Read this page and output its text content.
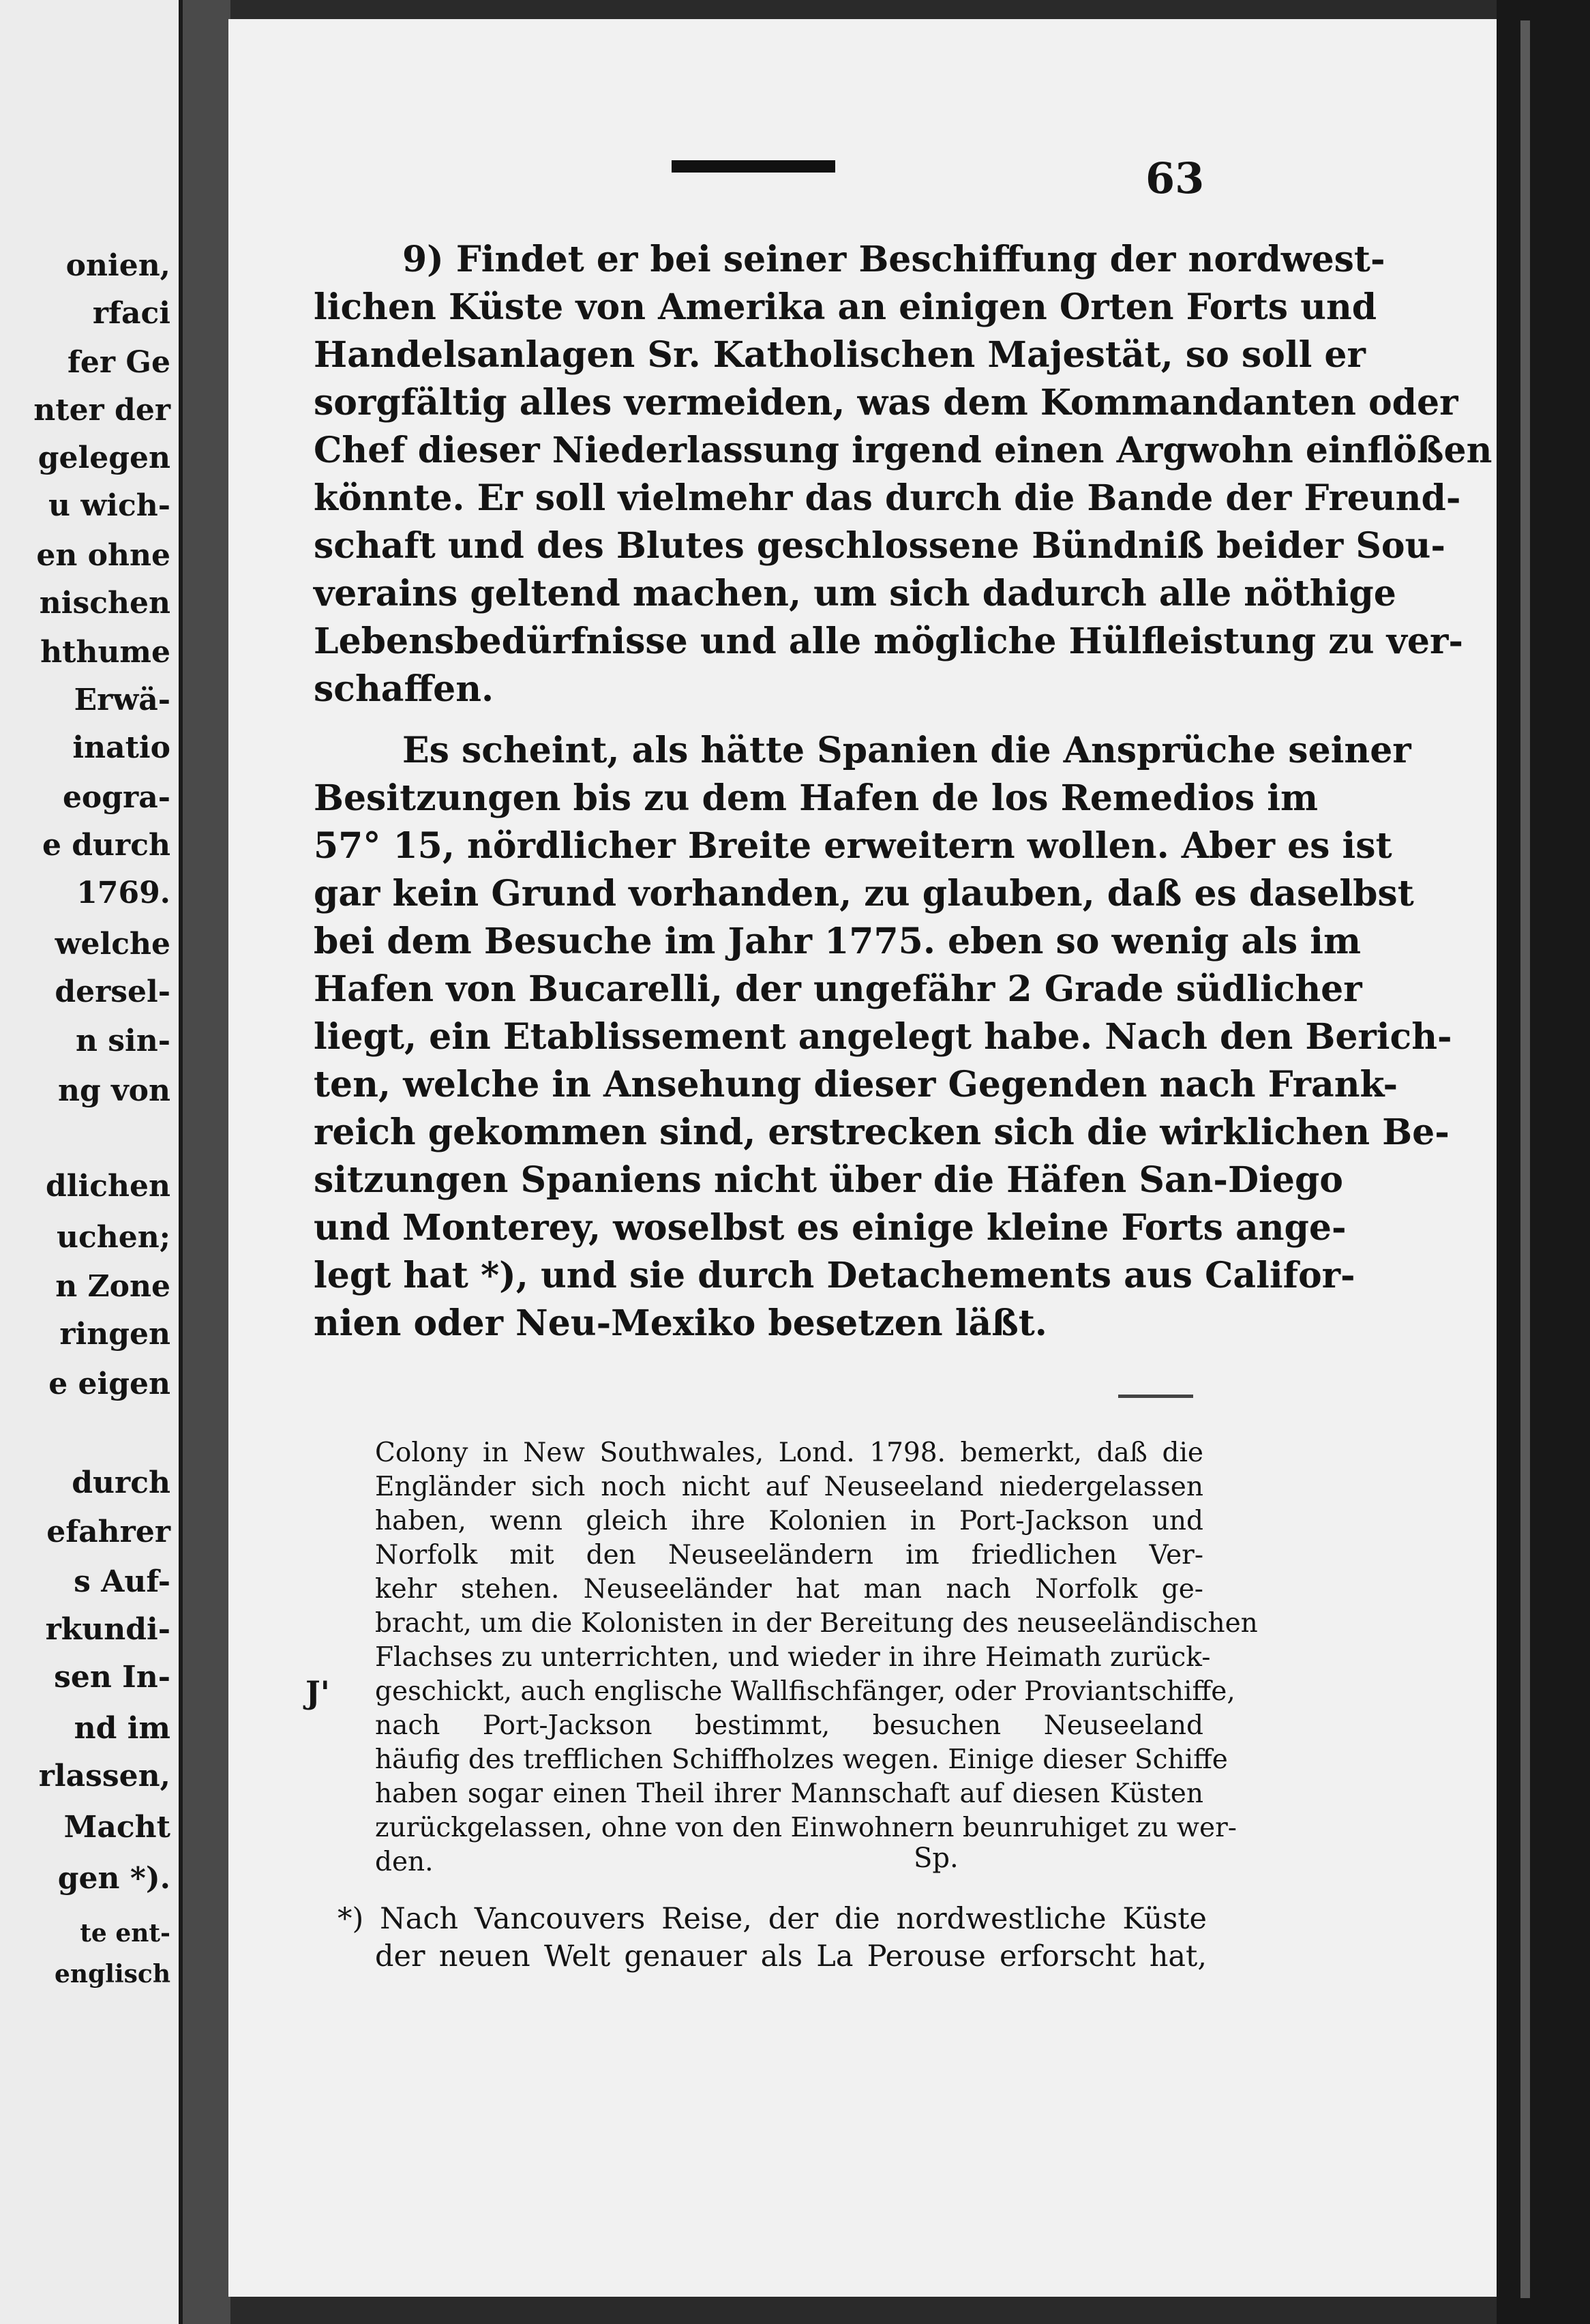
onien,
rfaci
fer Ge
nter der
gelegen
u wich-
en ohne
nischen
hthume
Erwä-
inatio
eogra-
e durch
1769.
welche
dersel-
n sin-
ng von
dlichen
uchen;
n Zone
ringen
e eigen
durch
efahrer
s Auf-
rkundi-
sen In-
nd im
rlassen,
Macht
gen *).
te ent-
englisch
63
Sp.
J'
9) Findet er bei seiner Beschiffung der nordwest-
lichen Küste von Amerika an einigen Orten Forts und
Handelsanlagen Sr. Katholischen Majestät, so soll er
sorgfältig alles vermeiden, was dem Kommandanten oder
Chef dieser Niederlassung irgend einen Argwohn einflößen
könnte. Er soll vielmehr das durch die Bande der Freund-
schaft und des Blutes geschlossene Bündniß beider Sou-
verains geltend machen, um sich dadurch alle nöthige
Lebensbedürfnisse und alle mögliche Hülfleistung zu ver-
schaffen.
Es scheint, als hätte Spanien die Ansprüche seiner
Besitzungen bis zu dem Hafen de los Remedios im
57° 15, nördlicher Breite erweitern wollen. Aber es ist
gar kein Grund vorhanden, zu glauben, daß es daselbst
bei dem Besuche im Jahr 1775. eben so wenig als im
Hafen von Bucarelli, der ungefähr 2 Grade südlicher
liegt, ein Etablissement angelegt habe. Nach den Berich-
ten, welche in Ansehung dieser Gegenden nach Frank-
reich gekommen sind, erstrecken sich die wirklichen Be-
sitzungen Spaniens nicht über die Häfen San-Diego
und Monterey, woselbst es einige kleine Forts ange-
legt hat *), und sie durch Detachements aus Califor-
nien oder Neu-Mexiko besetzen läßt.
Colony in New Southwales, Lond. 1798. bemerkt, daß die
Engländer sich noch nicht auf Neuseeland niedergelassen
haben, wenn gleich ihre Kolonien in Port-Jackson und
Norfolk mit den Neuseeländern im friedlichen Ver-
kehr stehen. Neuseeländer hat man nach Norfolk ge-
bracht, um die Kolonisten in der Bereitung des neuseeländischen
Flachses zu unterrichten, und wieder in ihre Heimath zurück-
geschickt, auch englische Wallfischfänger, oder Proviantschiffe,
nach Port-Jackson bestimmt, besuchen Neuseeland
häufig des trefflichen Schiffholzes wegen. Einige dieser Schiffe
haben sogar einen Theil ihrer Mannschaft auf diesen Küsten
zurückgelassen, ohne von den Einwohnern beunruhiget zu wer-
den.
*) Nach Vancouvers Reise, der die nordwestliche Küste
der neuen Welt genauer als La Perouse erforscht hat,
